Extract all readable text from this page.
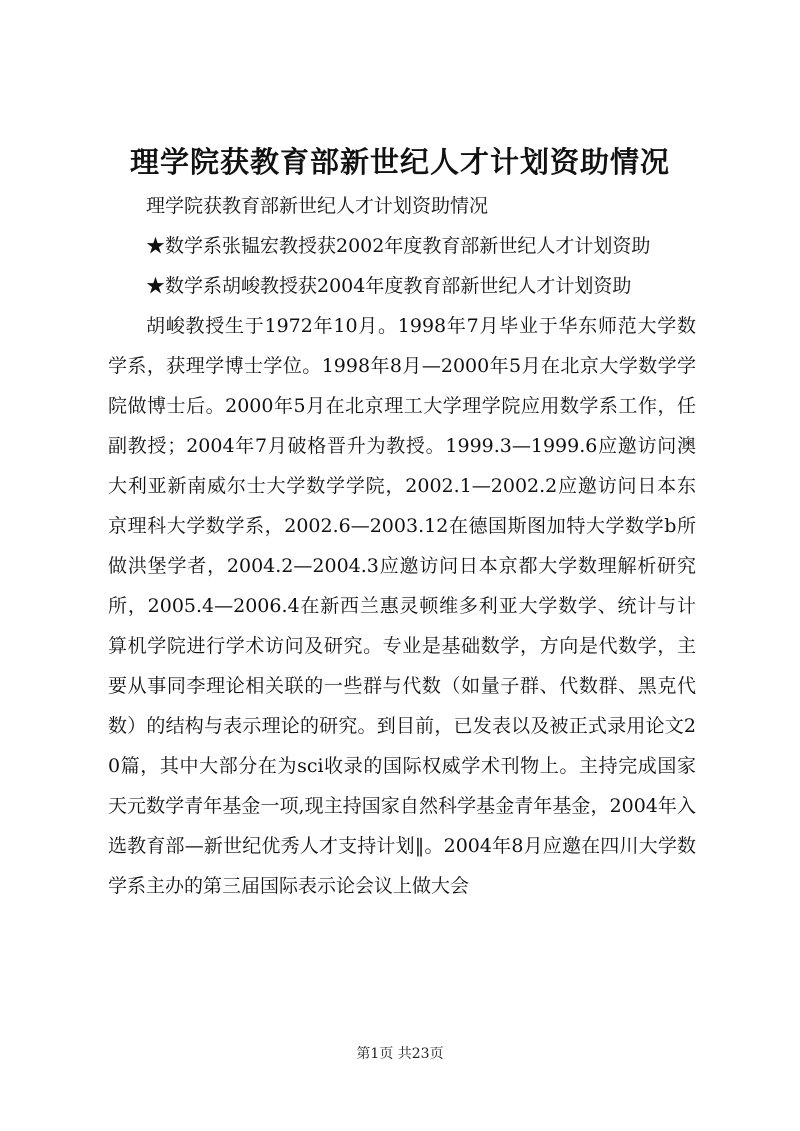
理学院获教育部新世纪人才计划资助情况

理学院获教育部新世纪人才计划资助情况

★数学系张韫宏教授获2002年度教育部新世纪人才计划资助

★数学系胡峻教授获2004年度教育部新世纪人才计划资助

胡峻教授生于1972年10月。1998年7月毕业于华东师范大学数学系，获理学博士学位。1998年8月—2000年5月在北京大学数学学院做博士后。2000年5月在北京理工大学理学院应用数学系工作，任副教授；2004年7月破格晋升为教授。1999.3—1999.6应邀访问澳大利亚新南威尔士大学数学学院，2002.1—2002.2应邀访问日本东京理科大学数学系，2002.6—2003.12在德国斯图加特大学数学b所做洪堡学者，2004.2—2004.3应邀访问日本京都大学数理解析研究所，2005.4—2006.4在新西兰惠灵顿维多利亚大学数学、统计与计算机学院进行学术访问及研究。专业是基础数学，方向是代数学，主要从事同李理论相关联的一些群与代数（如量子群、代数群、黑克代数）的结构与表示理论的研究。到目前，已发表以及被正式录用论文20篇，其中大部分在为sci收录的国际权威学术刊物上。主持完成国家天元数学青年基金一项,现主持国家自然科学基金青年基金，2004年入选教育部—新世纪优秀人才支持计划‖。2004年8月应邀在四川大学数学系主办的第三届国际表示论会议上做大会

第1页 共23页
